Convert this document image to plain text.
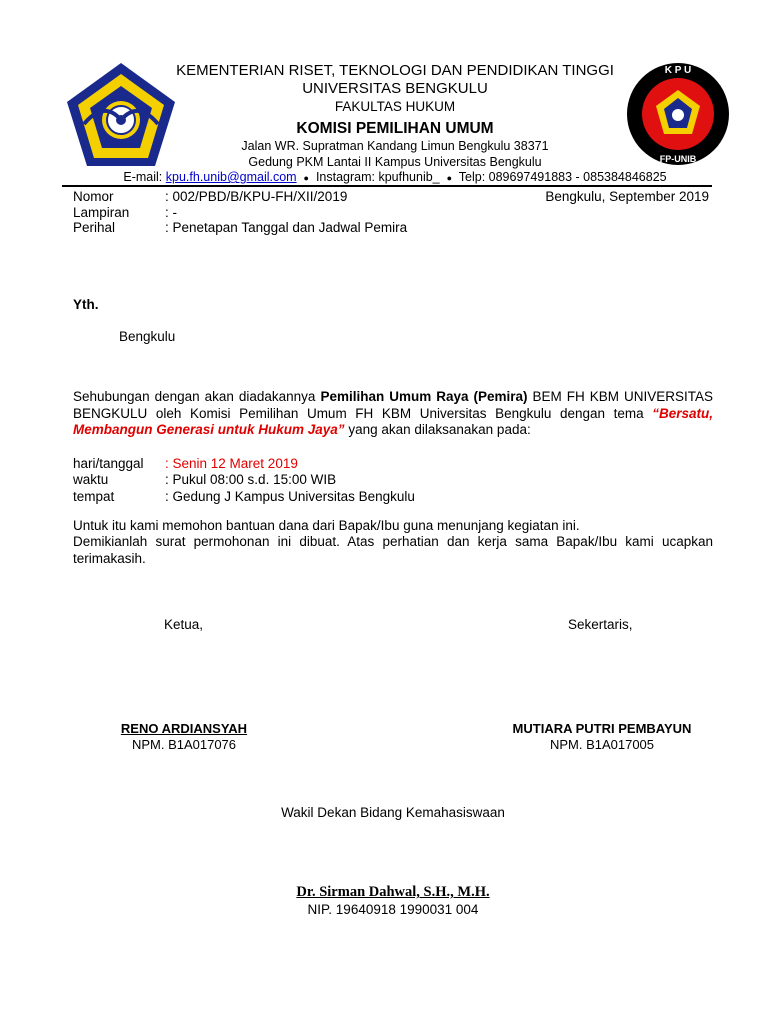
K P U
FP-UNIB
KEMENTERIAN RISET, TEKNOLOGI DAN PENDIDIKAN TINGGI
UNIVERSITAS BENGKULU
FAKULTAS HUKUM
KOMISI PEMILIHAN UMUM
Jalan WR. Supratman Kandang Limun Bengkulu 38371
Gedung PKM Lantai II Kampus Universitas Bengkulu
E-mail: kpu.fh.unib@gmail.com ● Instagram: kpufhunib_ ● Telp: 089697491883 - 085384846825
Nomor	: 002/PBD/B/KPU-FH/XII/2019	Bengkulu, September 2019
Lampiran	: -
Perihal	: Penetapan Tanggal dan Jadwal Pemira
Yth.
Bengkulu
Sehubungan dengan akan diadakannya Pemilihan Umum Raya (Pemira) BEM FH KBM UNIVERSITAS BENGKULU oleh Komisi Pemilihan Umum FH KBM Universitas Bengkulu dengan tema “Bersatu, Membangun Generasi untuk Hukum Jaya” yang akan dilaksanakan pada:
hari/tanggal : Senin 12 Maret 2019
waktu	: Pukul 08:00 s.d. 15:00 WIB
tempat	: Gedung J Kampus Universitas Bengkulu
Untuk itu kami memohon bantuan dana dari Bapak/Ibu guna menunjang kegiatan ini.
Demikianlah surat permohonan ini dibuat. Atas perhatian dan kerja sama Bapak/Ibu kami ucapkan terimakasih.
Ketua,	Sekertaris,
RENO ARDIANSYAH
NPM. B1A017076
MUTIARA PUTRI PEMBAYUN
NPM. B1A017005
Wakil Dekan Bidang Kemahasiswaan
Dr. Sirman Dahwal, S.H., M.H.
NIP. 19640918 1990031 004
